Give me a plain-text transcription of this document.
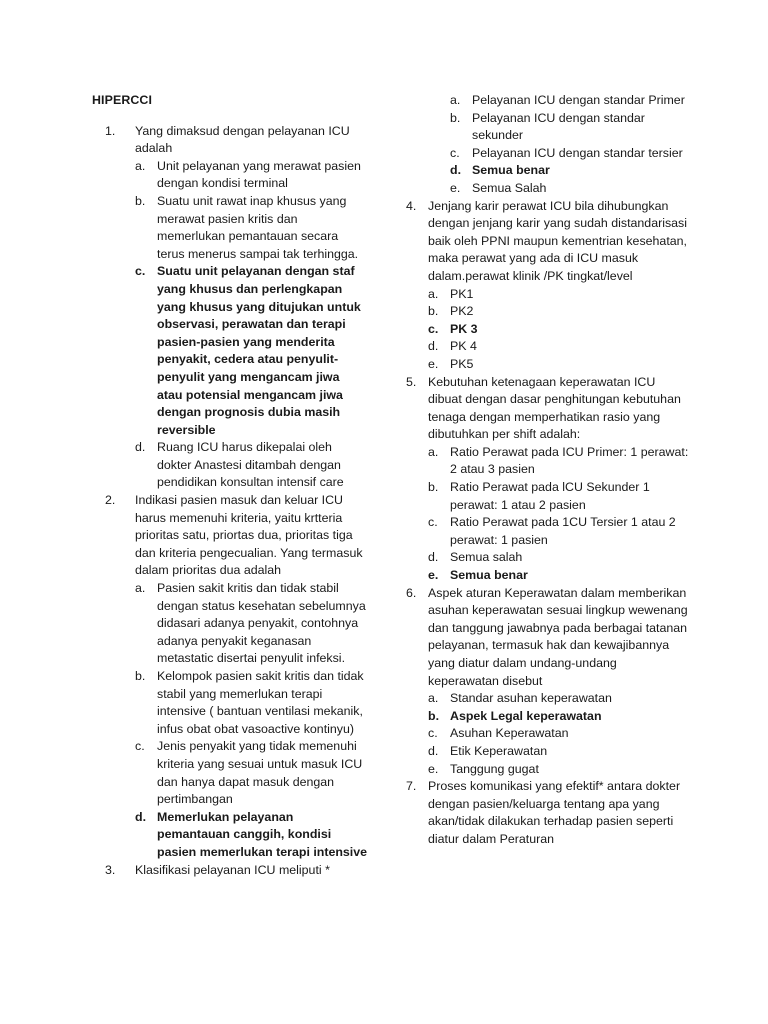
HIPERCCI
1.	Yang dimaksud dengan pelayanan ICU adalah
a. Unit pelayanan yang merawat pasien dengan kondisi terminal
b. Suatu unit rawat inap khusus yang merawat pasien kritis dan memerlukan pemantauan secara terus menerus sampai tak terhingga.
c. Suatu unit pelayanan dengan staf yang khusus dan perlengkapan yang khusus yang ditujukan untuk observasi, perawatan dan terapi pasien-pasien yang menderita penyakit, cedera atau penyulit-penyulit yang mengancam jiwa atau potensial mengancam jiwa dengan prognosis dubia masih reversible
d. Ruang ICU harus dikepalai oleh dokter Anastesi ditambah dengan pendidikan konsultan intensif care
2.	Indikasi pasien masuk dan keluar ICU harus memenuhi kriteria, yaitu krtteria prioritas satu, priortas dua, prioritas tiga dan kriteria pengecualian. Yang termasuk dalam prioritas dua adalah
a. Pasien sakit kritis dan tidak stabil dengan status kesehatan sebelumnya didasari adanya penyakit, contohnya adanya penyakit keganasan metastatic disertai penyulit infeksi.
b. Kelompok pasien sakit kritis dan tidak stabil yang memerlukan terapi intensive ( bantuan ventilasi mekanik, infus obat obat vasoactive kontinyu)
c. Jenis penyakit yang tidak memenuhi kriteria yang sesuai untuk masuk ICU dan hanya dapat masuk dengan pertimbangan
d. Memerlukan pelayanan pemantauan canggih, kondisi pasien memerlukan terapi intensive
3.	Klasifikasi pelayanan ICU meliputi *
a. Pelayanan ICU dengan standar Primer
b. Pelayanan ICU dengan standar sekunder
c. Pelayanan ICU dengan standar tersier
d. Semua benar
e. Semua Salah
4. Jenjang karir perawat ICU bila dihubungkan dengan jenjang karir yang sudah distandarisasi baik oleh PPNI maupun kementrian kesehatan, maka perawat yang ada di ICU masuk dalam.perawat klinik /PK tingkat/level
a. PK1
b. PK2
c. PK 3
d. PK 4
e. PK5
5. Kebutuhan ketenagaan keperawatan ICU dibuat dengan dasar penghitungan kebutuhan tenaga dengan memperhatikan rasio yang dibutuhkan per shift adalah:
a. Ratio Perawat pada ICU Primer: 1 perawat: 2 atau 3 pasien
b. Ratio Perawat pada lCU Sekunder 1 perawat: 1 atau 2 pasien
c. Ratio Perawat pada 1CU Tersier 1 atau 2 perawat: 1 pasien
d. Semua salah
e. Semua benar
6. Aspek aturan Keperawatan dalam memberikan asuhan keperawatan sesuai lingkup wewenang dan tanggung jawabnya pada berbagai tatanan pelayanan, termasuk hak dan kewajibannya yang diatur dalam undang-undang keperawatan disebut
a. Standar asuhan keperawatan
b. Aspek Legal keperawatan
c. Asuhan Keperawatan
d. Etik Keperawatan
e. Tanggung gugat
7. Proses komunikasi yang efektif* antara dokter dengan pasien/keluarga tentang apa yang akan/tidak dilakukan terhadap pasien seperti diatur dalam Peraturan
